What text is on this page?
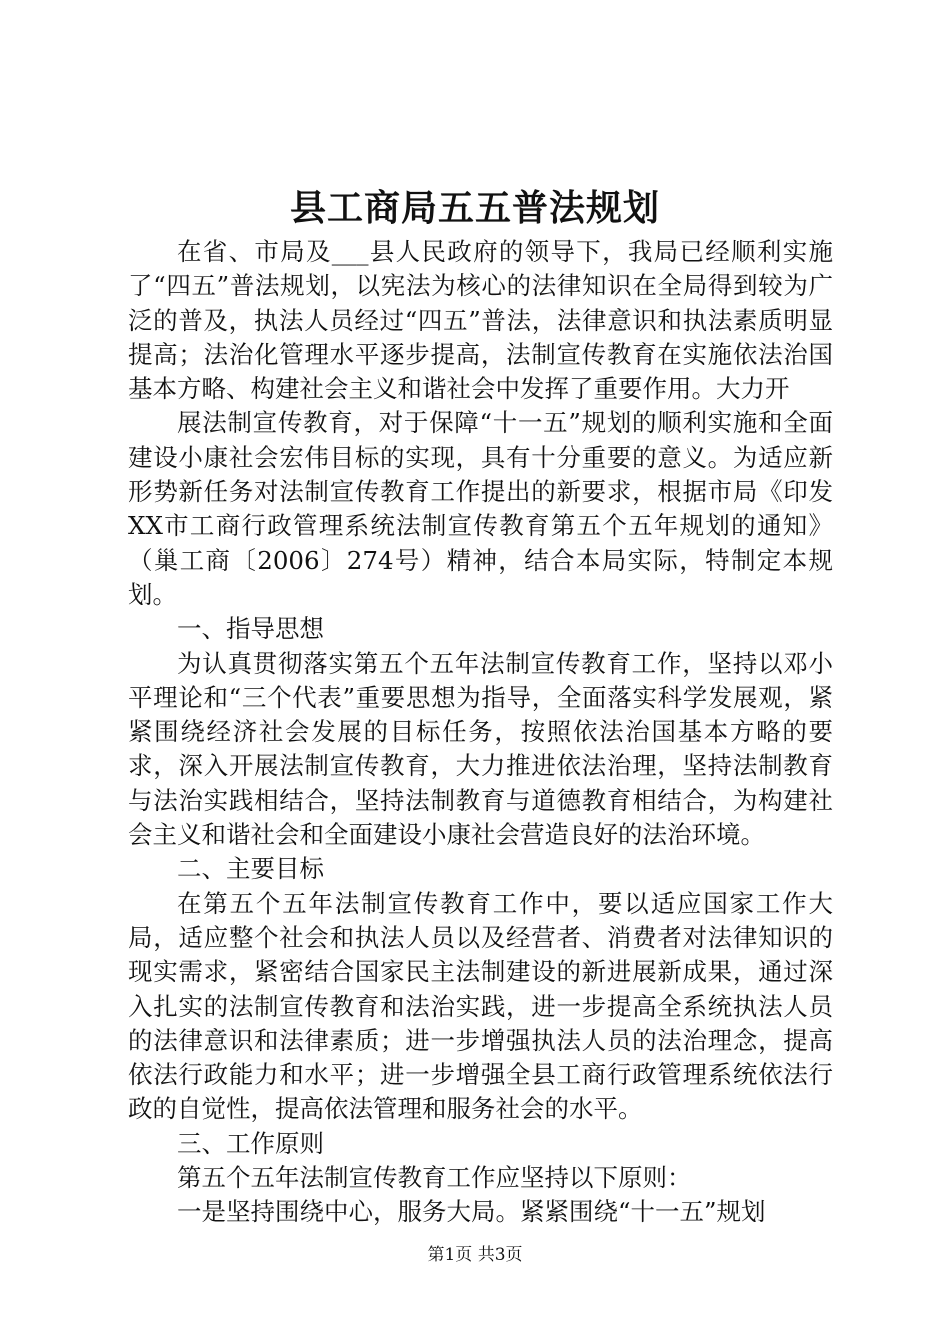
县工商局五五普法规划

在省、市局及___县人民政府的领导下，我局已经顺利实施了“四五”普法规划，以宪法为核心的法律知识在全局得到较为广泛的普及，执法人员经过“四五”普法，法律意识和执法素质明显提高；法治化管理水平逐步提高，法制宣传教育在实施依法治国基本方略、构建社会主义和谐社会中发挥了重要作用。大力开

展法制宣传教育，对于保障“十一五”规划的顺利实施和全面建设小康社会宏伟目标的实现，具有十分重要的意义。为适应新形势新任务对法制宣传教育工作提出的新要求，根据市局《印发XX市工商行政管理系统法制宣传教育第五个五年规划的通知》（巢工商〔2006〕274号）精神，结合本局实际，特制定本规划。

一、指导思想

为认真贯彻落实第五个五年法制宣传教育工作，坚持以邓小平理论和“三个代表”重要思想为指导，全面落实科学发展观，紧紧围绕经济社会发展的目标任务，按照依法治国基本方略的要求，深入开展法制宣传教育，大力推进依法治理，坚持法制教育与法治实践相结合，坚持法制教育与道德教育相结合，为构建社会主义和谐社会和全面建设小康社会营造良好的法治环境。

二、主要目标

在第五个五年法制宣传教育工作中，要以适应国家工作大局，适应整个社会和执法人员以及经营者、消费者对法律知识的现实需求，紧密结合国家民主法制建设的新进展新成果，通过深入扎实的法制宣传教育和法治实践，进一步提高全系统执法人员的法律意识和法律素质；进一步增强执法人员的法治理念，提高依法行政能力和水平；进一步增强全县工商行政管理系统依法行政的自觉性，提高依法管理和服务社会的水平。

三、工作原则

第五个五年法制宣传教育工作应坚持以下原则：

一是坚持围绕中心，服务大局。紧紧围绕“十一五”规划

第1页 共3页
